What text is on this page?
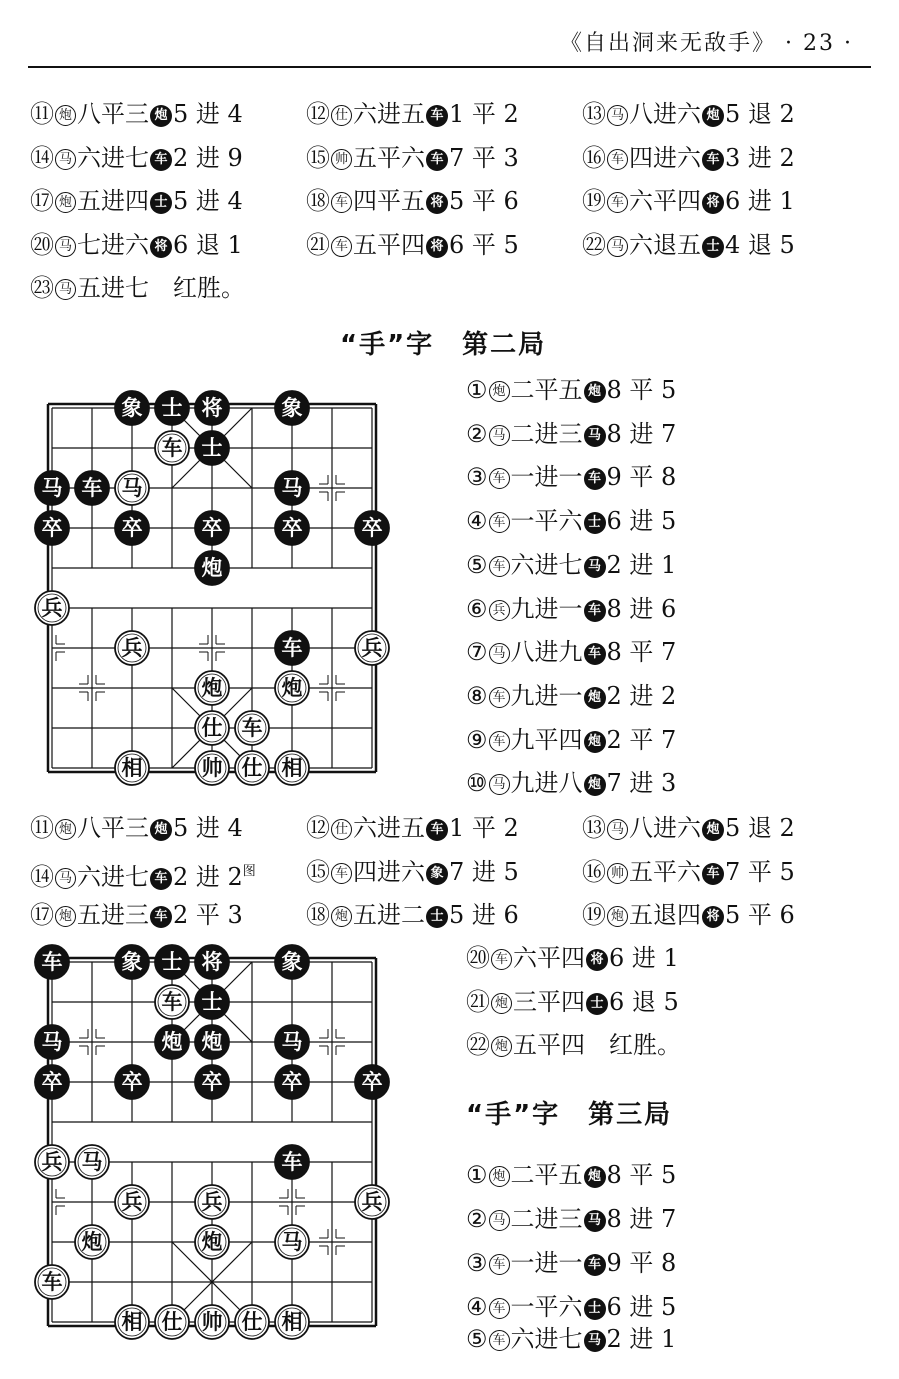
《自出洞来无敌手》 · 23 ·
⑪ 炮 八平三 炮 5 进 4	⑫ 仕 六进五 车 1 平 2	⑬ 马 八进六 炮 5 退 2
⑭ 马 六进七 车 2 进 9	⑮ 帅 五平六 车 7 平 3	⑯ 车 四进六 车 3 进 2
⑰ 炮 五进四 士 5 进 4	⑱ 车 四平五 将 5 平 6	⑲ 车 六平四 将 6 进 1
⑳ 马 七进六 将 6 退 1	㉑ 车 五平四 将 6 平 5	㉒ 马 六退五 士 4 退 5
㉓ 马 五进七　 红胜。
“手”字　第二局
象 士 将	象
车 士
马 车 马	马
卒	卒	卒	卒	卒
炮
兵
兵	车	兵
炮	炮
仕 车
相	帅 仕 相
① 炮 二平五 炮 8 平 5
② 马 二进三 马 8 进 7
③ 车 一进一 车 9 平 8
④ 车 一平六 士 6 进 5
⑤ 车 六进七 马 2 进 1
⑥ 兵 九进一 车 8 进 6
⑦ 马 八进九 车 8 平 7
⑧ 车 九进一 炮 2 进 2
⑨ 车 九平四 炮 2 平 7
⑩ 马 九进八 炮 7 进 3
⑪ 炮 八平三 炮 5 进 4	⑫ 仕 六进五 车 1 平 2	⑬ 马 八进六 炮 5 退 2
⑭ 马 六进七 车 2 进 $2^图$ ⑮ 车 四进六 象 7 进 5	⑯ 帅 五平六 车 7 平 5
⑰ 炮 五进三 车 2 平 3	⑱ 炮 五进二 士 5 进 6	⑲ 炮 五退四 将 5 平 6
车	象 士 将	象
车 士
马	炮 炮	马
卒	卒	卒	卒	卒
兵 马	车
兵	兵	兵
炮	炮	马
车
相 仕 帅 仕 相
⑳ 车 六平四 将 6 进 1
㉑ 炮 三平四 士 6 退 5
㉒ 炮 五平四　 红胜。
“手”字　第三局
① 炮 二平五 炮 8 平 5
② 马 二进三 马 8 进 7
③ 车 一进一 车 9 平 8
④ 车 一平六 士 6 进 5
⑤ 车 六进七 马 2 进 1
